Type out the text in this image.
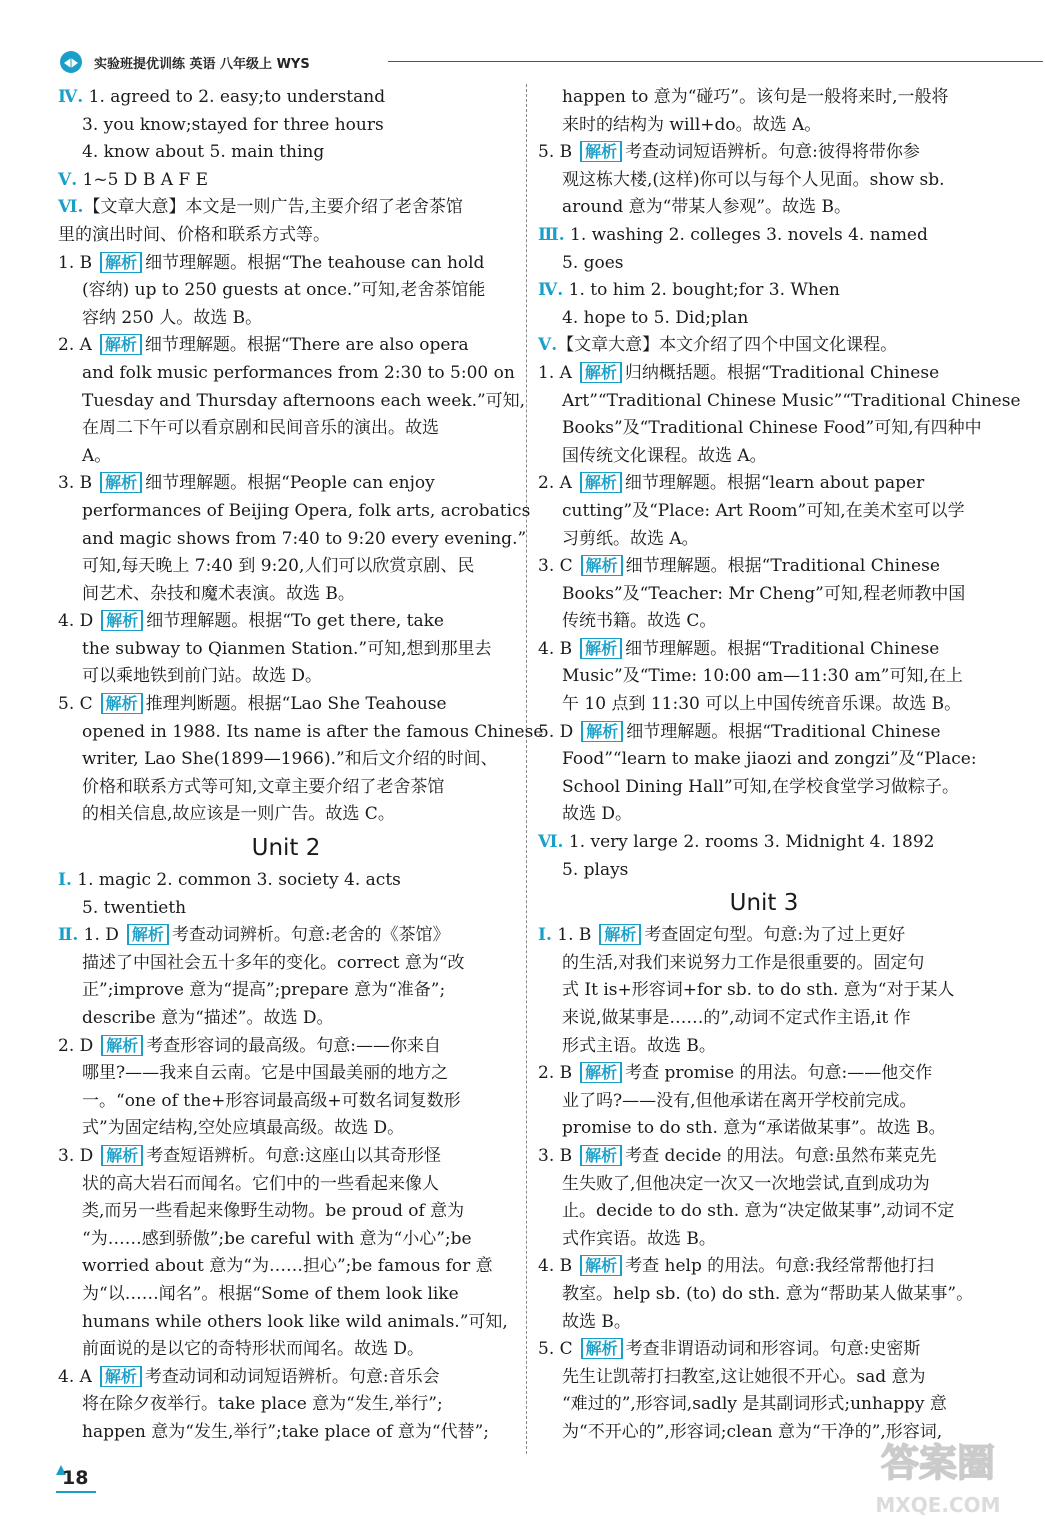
实验班提优训练 英语 八年级上 WYS
Ⅳ. 1. agreed to 2. easy;to understand
3. you know;stayed for three hours
4. know about 5. main thing
Ⅴ. 1~5 D B A F E
Ⅵ.【文章大意】本文是一则广告,主要介绍了老舍茶馆
里的演出时间、价格和联系方式等。
1. B 解析 细节理解题。根据“The teahouse can hold
(容纳) up to 250 guests at once.”可知,老舍茶馆能
容纳 250 人。故选 B。
2. A 解析 细节理解题。根据“There are also opera
and folk music performances from 2:30 to 5:00 on
Tuesday and Thursday afternoons each week.”可知,
在周二下午可以看京剧和民间音乐的演出。故选
A。
3. B 解析 细节理解题。根据“People can enjoy
performances of Beijing Opera, folk arts, acrobatics
and magic shows from 7:40 to 9:20 every evening.”
可知,每天晚上 7:40 到 9:20,人们可以欣赏京剧、民
间艺术、杂技和魔术表演。故选 B。
4. D 解析 细节理解题。根据“To get there, take
the subway to Qianmen Station.”可知,想到那里去
可以乘地铁到前门站。故选 D。
5. C 解析 推理判断题。根据“Lao She Teahouse
opened in 1988. Its name is after the famous Chinese
writer, Lao She(1899—1966).”和后文介绍的时间、
价格和联系方式等可知,文章主要介绍了老舍茶馆
的相关信息,故应该是一则广告。故选 C。
Unit 2
Ⅰ. 1. magic 2. common 3. society 4. acts
5. twentieth
Ⅱ. 1. D 解析 考查动词辨析。句意:老舍的《茶馆》
描述了中国社会五十多年的变化。correct 意为“改
正”;improve 意为“提高”;prepare 意为“准备”;
describe 意为“描述”。故选 D。
2. D 解析 考查形容词的最高级。句意:——你来自
哪里?——我来自云南。它是中国最美丽的地方之
一。“one of the+形容词最高级+可数名词复数形
式”为固定结构,空处应填最高级。故选 D。
3. D 解析 考查短语辨析。句意:这座山以其奇形怪
状的高大岩石而闻名。它们中的一些看起来像人
类,而另一些看起来像野生动物。be proud of 意为
“为……感到骄傲”;be careful with 意为“小心”;be
worried about 意为“为……担心”;be famous for 意
为“以……闻名”。根据“Some of them look like
humans while others look like wild animals.”可知,
前面说的是以它的奇特形状而闻名。故选 D。
4. A 解析 考查动词和动词短语辨析。句意:音乐会
将在除夕夜举行。take place 意为“发生,举行”;
happen 意为“发生,举行”;take place of 意为“代替”;
happen to 意为“碰巧”。该句是一般将来时,一般将
来时的结构为 will+do。故选 A。
5. B 解析 考查动词短语辨析。句意:彼得将带你参
观这栋大楼,(这样)你可以与每个人见面。show sb.
around 意为“带某人参观”。故选 B。
Ⅲ. 1. washing 2. colleges 3. novels 4. named
5. goes
Ⅳ. 1. to him 2. bought;for 3. When
4. hope to 5. Did;plan
Ⅴ.【文章大意】本文介绍了四个中国文化课程。
1. A 解析 归纳概括题。根据“Traditional Chinese
Art”“Traditional Chinese Music”“Traditional Chinese
Books”及“Traditional Chinese Food”可知,有四种中
国传统文化课程。故选 A。
2. A 解析 细节理解题。根据“learn about paper
cutting”及“Place: Art Room”可知,在美术室可以学
习剪纸。故选 A。
3. C 解析 细节理解题。根据“Traditional Chinese
Books”及“Teacher: Mr Cheng”可知,程老师教中国
传统书籍。故选 C。
4. B 解析 细节理解题。根据“Traditional Chinese
Music”及“Time: 10:00 am—11:30 am”可知,在上
午 10 点到 11:30 可以上中国传统音乐课。故选 B。
5. D 解析 细节理解题。根据“Traditional Chinese
Food”“learn to make jiaozi and zongzi”及“Place:
School Dining Hall”可知,在学校食堂学习做粽子。
故选 D。
Ⅵ. 1. very large 2. rooms 3. Midnight 4. 1892
5. plays
Unit 3
Ⅰ. 1. B 解析 考查固定句型。句意:为了过上更好
的生活,对我们来说努力工作是很重要的。固定句
式 It is+形容词+for sb. to do sth. 意为“对于某人
来说,做某事是……的”,动词不定式作主语,it 作
形式主语。故选 B。
2. B 解析 考查 promise 的用法。句意:——他交作
业了吗?——没有,但他承诺在离开学校前完成。
promise to do sth. 意为“承诺做某事”。故选 B。
3. B 解析 考查 decide 的用法。句意:虽然布莱克先
生失败了,但他决定一次又一次地尝试,直到成功为
止。decide to do sth. 意为“决定做某事”,动词不定
式作宾语。故选 B。
4. B 解析 考查 help 的用法。句意:我经常帮他打扫
教室。help sb. (to) do sth. 意为“帮助某人做某事”。
故选 B。
5. C 解析 考查非谓语动词和形容词。句意:史密斯
先生让凯蒂打扫教室,这让她很不开心。sad 意为
“难过的”,形容词,sadly 是其副词形式;unhappy 意
为“不开心的”,形容词;clean 意为“干净的”,形容词,
18	答案圈
MXQE.COM
